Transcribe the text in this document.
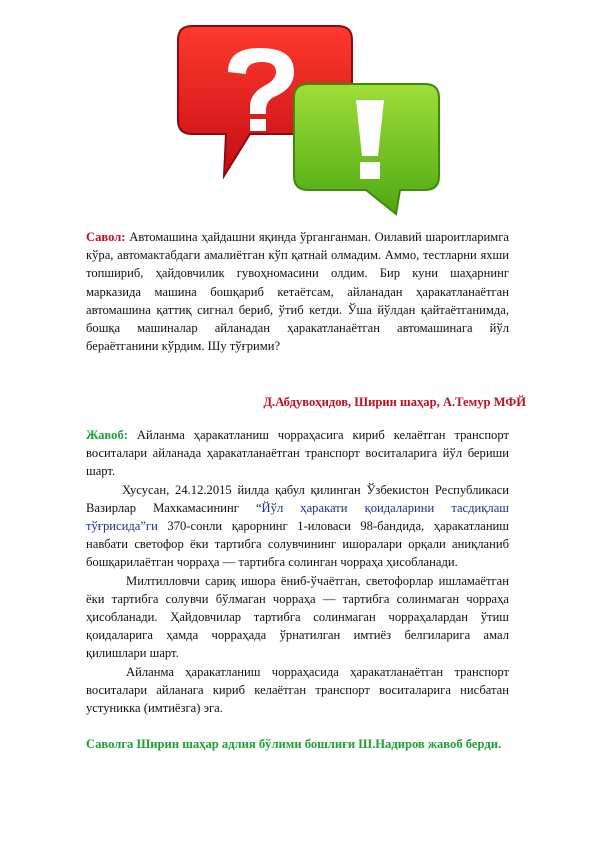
Савол: Автомашина ҳайдашни яқинда ўрганганман. Оилавий шароитларимга кўра, автомактабдаги амалиётган кўп қатнай олмадим. Аммо, тестларни яхши топшириб, ҳайдовчилик гувоҳномасини олдим. Бир куни шаҳарнинг марказида машина бошқариб кетаётсам, айланадан ҳаракатланаётган автомашина қаттиқ сигнал бериб, ўтиб кетди. Ўша йўлдан қайтаётганимда, бошқа машиналар айланадан ҳаракатланаётган автомашинага йўл бераётганини кўрдим. Шу тўғрими?

Д.Абдувоҳидов, Ширин шаҳар, А.Темур МФЙ

Жавоб: Айланма ҳаракатланиш чорраҳасига кириб келаётган транспорт воситалари айланада ҳаракатланаётган транспорт воситаларига йўл бериши шарт.

Хусусан, 24.12.2015 йилда қабул қилинган Ўзбекистон Республикаси Вазирлар Махкамасининг “Йўл ҳаракати қоидаларини тасдиқлаш тўғрисида”ги 370-сонли қарорнинг 1-иловаси 98-бандида, ҳаракатланиш навбати светофор ёки тартибга солувчининг ишоралари орқали аниқланиб бошқарилаётган чорраҳа — тартибга солинган чорраҳа ҳисобланади.

Милтилловчи сариқ ишора ёниб-ўчаётган, светофорлар ишламаётган ёки тартибга солувчи бўлмаган чорраҳа — тартибга солинмаган чорраҳа ҳисобланади. Ҳайдовчилар тартибга солинмаган чорраҳалардан ўтиш қоидаларига ҳамда чорраҳада ўрнатилган имтиёз белгиларига амал қилишлари шарт.

Айланма ҳаракатланиш чорраҳасида ҳаракатланаётган транспорт воситалари айланага кириб келаётган транспорт воситаларига нисбатан устуникка (имтиёзга) эга.

Саволга Ширин шаҳар адлия бўлими бошлиғи Ш.Надиров жавоб берди.
